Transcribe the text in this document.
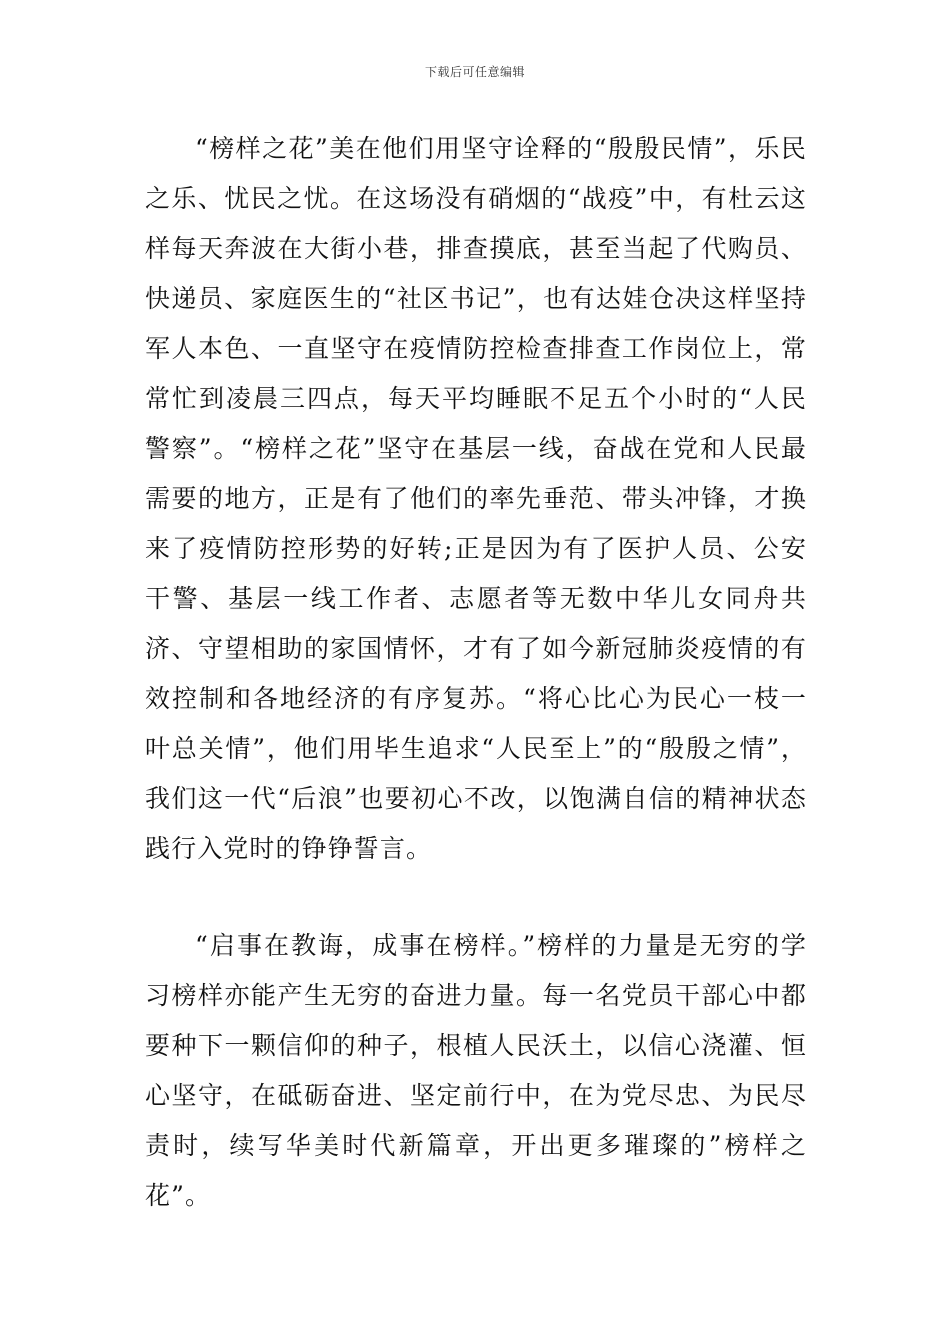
下载后可任意编辑

“榜样之花”美在他们用坚守诠释的“殷殷民情”，乐民之乐、忧民之忧。在这场没有硝烟的“战疫”中，有杜云这样每天奔波在大街小巷，排查摸底，甚至当起了代购员、快递员、家庭医生的“社区书记”，也有达娃仓决这样坚持军人本色、一直坚守在疫情防控检查排查工作岗位上，常常忙到凌晨三四点，每天平均睡眠不足五个小时的“人民警察”。“榜样之花”坚守在基层一线，奋战在党和人民最需要的地方，正是有了他们的率先垂范、带头冲锋，才换来了疫情防控形势的好转;正是因为有了医护人员、公安干警、基层一线工作者、志愿者等无数中华儿女同舟共济、守望相助的家国情怀，才有了如今新冠肺炎疫情的有效控制和各地经济的有序复苏。“将心比心为民心一枝一叶总关情”，他们用毕生追求“人民至上”的“殷殷之情”，我们这一代“后浪”也要初心不改，以饱满自信的精神状态践行入党时的铮铮誓言。

“启事在教诲，成事在榜样。”榜样的力量是无穷的学习榜样亦能产生无穷的奋进力量。每一名党员干部心中都要种下一颗信仰的种子，根植人民沃土，以信心浇灌、恒心坚守，在砥砺奋进、坚定前行中，在为党尽忠、为民尽责时，续写华美时代新篇章，开出更多璀璨的”榜样之花”。
